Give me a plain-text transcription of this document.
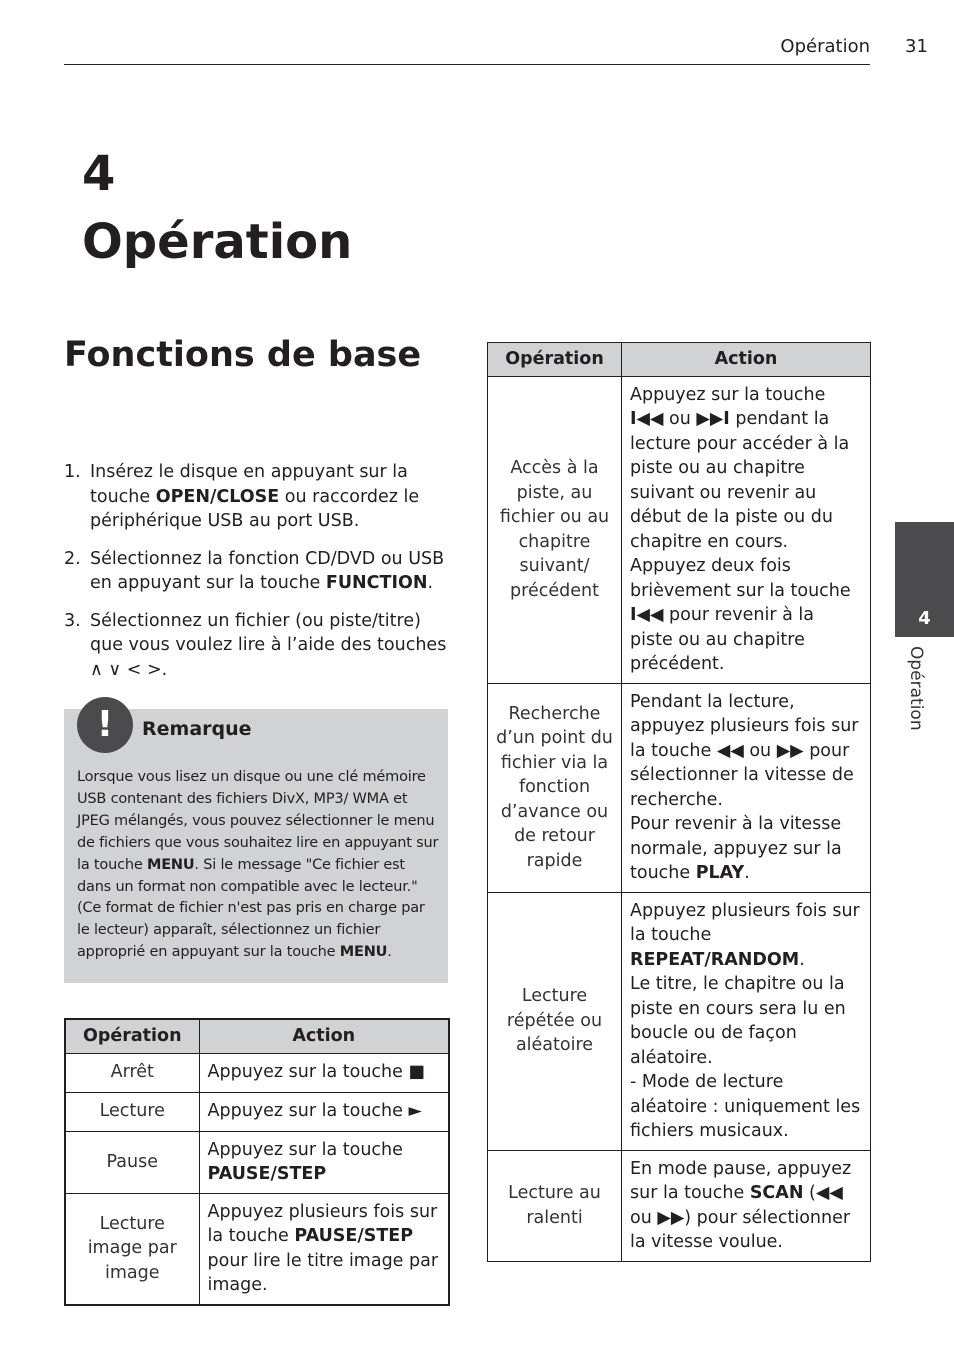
Opération 31
4
Opération
Fonctions de base
1. Insérez le disque en appuyant sur la touche OPEN/CLOSE ou raccordez le périphérique USB au port USB.
2. Sélectionnez la fonction CD/DVD ou USB en appuyant sur la touche FUNCTION.
3. Sélectionnez un fichier (ou piste/titre) que vous voulez lire à l’aide des touches
∧ ∨ < >.
!	Remarque

Lorsque vous lisez un disque ou une clé mémoire USB contenant des fichiers DivX, MP3/ WMA et JPEG mélangés, vous pouvez sélectionner le menu de fichiers que vous souhaitez lire en appuyant sur la touche MENU. Si le message "Ce fichier est dans un format non compatible avec le lecteur." (Ce format de fichier n'est pas pris en charge par le lecteur) apparaît, sélectionnez un fichier approprié en appuyant sur la touche MENU.

Opération	Action
Arrêt	Appuyez sur la touche ■
Lecture	Appuyez sur la touche ►
Pause	Appuyez sur la touche
PAUSE/STEP
Lecture image par image	Appuyez plusieurs fois sur la touche PAUSE/STEP pour lire le titre image par image.
Opération	Action
Accès à la piste, au fichier ou au chapitre suivant/ précédent	Appuyez sur la touche I◀◀ ou ▶▶I pendant la lecture pour accéder à la piste ou au chapitre suivant ou revenir au début de la piste ou du chapitre en cours. Appuyez deux fois brièvement sur la touche I◀◀ pour revenir à la piste ou au chapitre précédent.
Recherche d’un point du fichier via la fonction d’avance ou de retour rapide	Pendant la lecture, appuyez plusieurs fois sur la touche ◀◀ ou ▶▶ pour sélectionner la vitesse de recherche.
Pour revenir à la vitesse normale, appuyez sur la touche PLAY.
Lecture répétée ou aléatoire	Appuyez plusieurs fois sur la touche REPEAT/RANDOM.
Le titre, le chapitre ou la piste en cours sera lu en boucle ou de façon aléatoire.
- Mode de lecture aléatoire : uniquement les fichiers musicaux.
Lecture au ralenti	En mode pause, appuyez sur la touche SCAN (◀◀ ou ▶▶) pour sélectionner la vitesse voulue.
4
Opération
